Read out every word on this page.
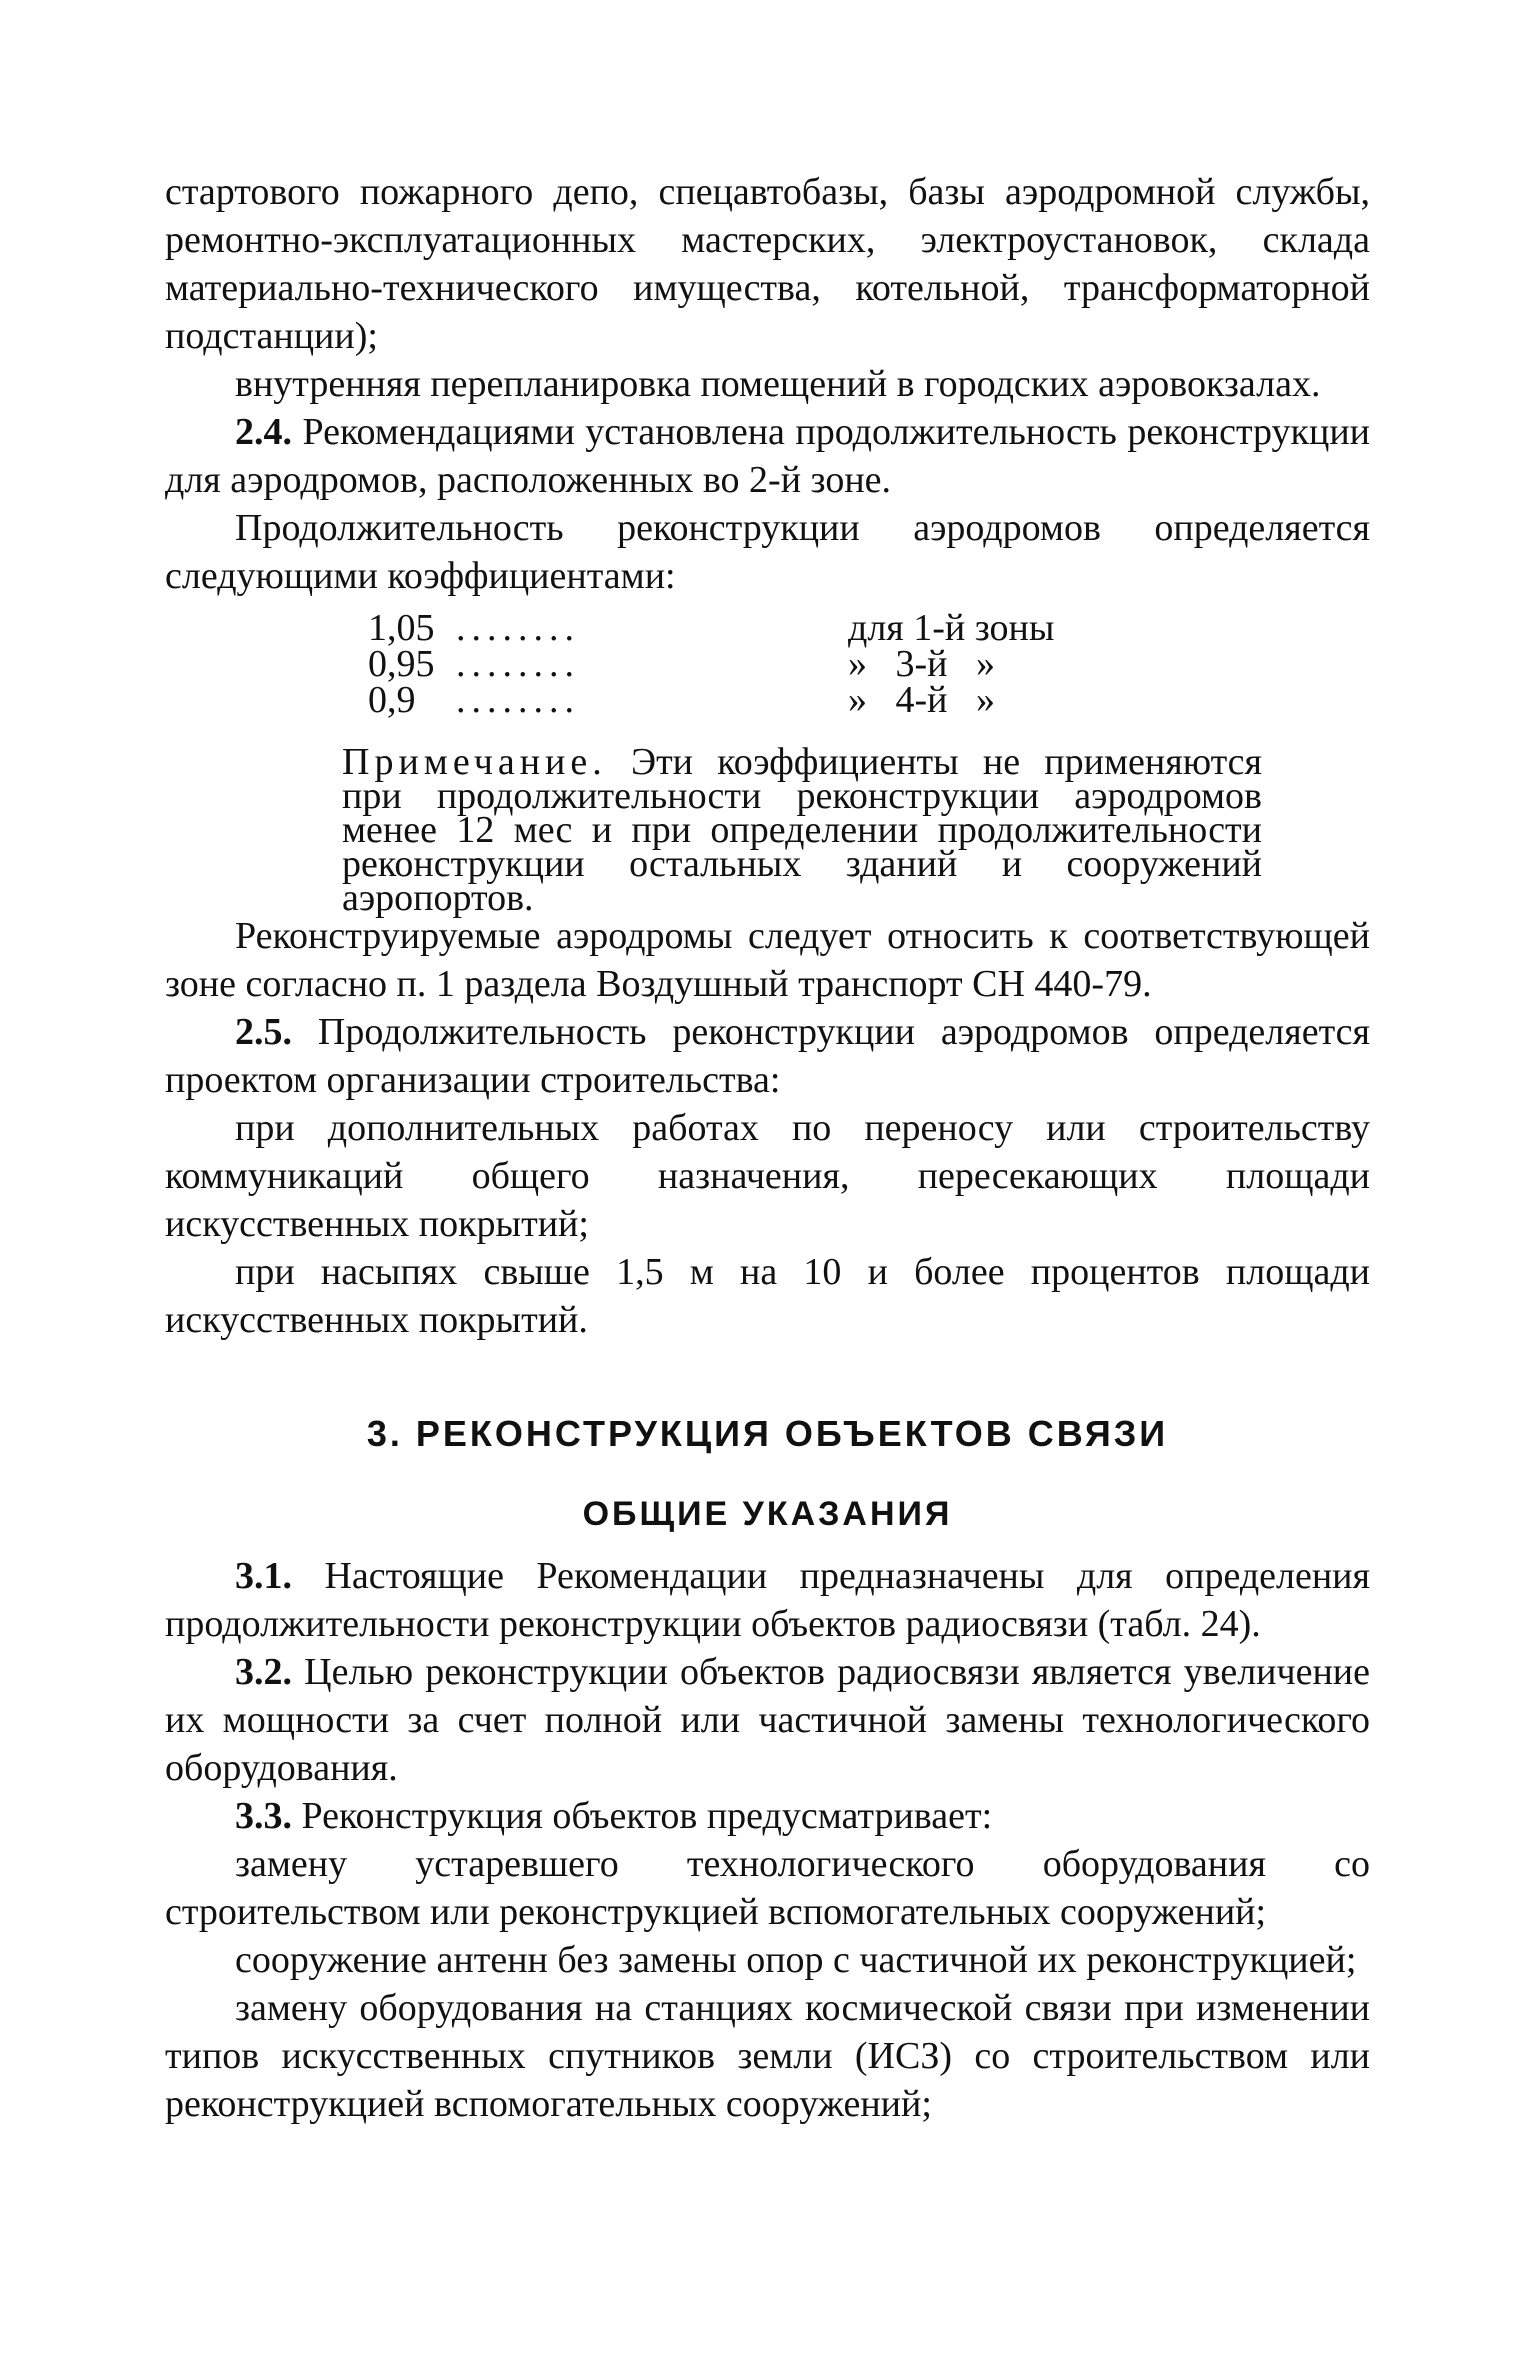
стартового пожарного депо, спецавтобазы, базы аэродромной службы, ремонтно-эксплуатационных мастерских, электроустановок, склада материально-технического имущества, котельной, трансформаторной подстанции);

внутренняя перепланировка помещений в городских аэровокзалах.

2.4. Рекомендациями установлена продолжительность реконструкции для аэродромов, расположенных во 2-й зоне.

Продолжительность реконструкции аэродромов определяется следующими коэффициентами:

1,05 ........	для 1-й зоны
0,95 ........	»   3-й   »
0,9 ........	»   4-й   »
Примечание. Эти коэффициенты не применяются при продолжительности реконструкции аэродромов менее 12 мес и при определении продолжительности реконструкции остальных зданий и сооружений аэропортов.

Реконструируемые аэродромы следует относить к соответствующей зоне согласно п. 1 раздела Воздушный транспорт СН 440-79.

2.5. Продолжительность реконструкции аэродромов определяется проектом организации строительства:

при дополнительных работах по переносу или строительству коммуникаций общего назначения, пересекающих площади искусственных покрытий;

при насыпях свыше 1,5 м на 10 и более процентов площади искусственных покрытий.

3. РЕКОНСТРУКЦИЯ ОБЪЕКТОВ СВЯЗИ
ОБЩИЕ УКАЗАНИЯ

3.1. Настоящие Рекомендации предназначены для определения продолжительности реконструкции объектов радиосвязи (табл. 24).

3.2. Целью реконструкции объектов радиосвязи является увеличение их мощности за счет полной или частичной замены технологического оборудования.

3.3. Реконструкция объектов предусматривает:

замену устаревшего технологического оборудования со строительством или реконструкцией вспомогательных сооружений;

сооружение антенн без замены опор с частичной их реконструкцией;

замену оборудования на станциях космической связи при изменении типов искусственных спутников земли (ИСЗ) со строительством или реконструкцией вспомогательных сооружений;
